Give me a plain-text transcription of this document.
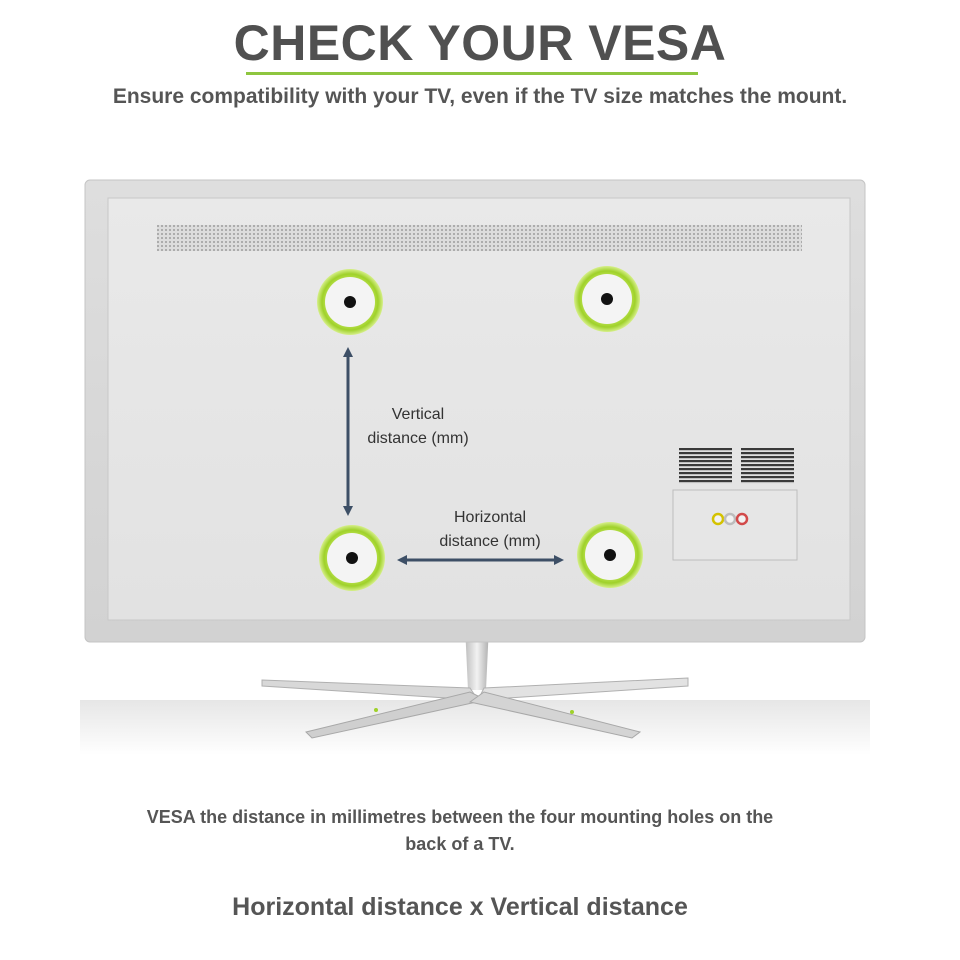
CHECK YOUR VESA
Ensure compatibility with your TV, even if the TV size matches the mount.
Vertical
distance (mm)
Horizontal
distance (mm)
VESA the distance in millimetres between the four mounting holes on the
back of a TV.
Horizontal distance x Vertical distance
